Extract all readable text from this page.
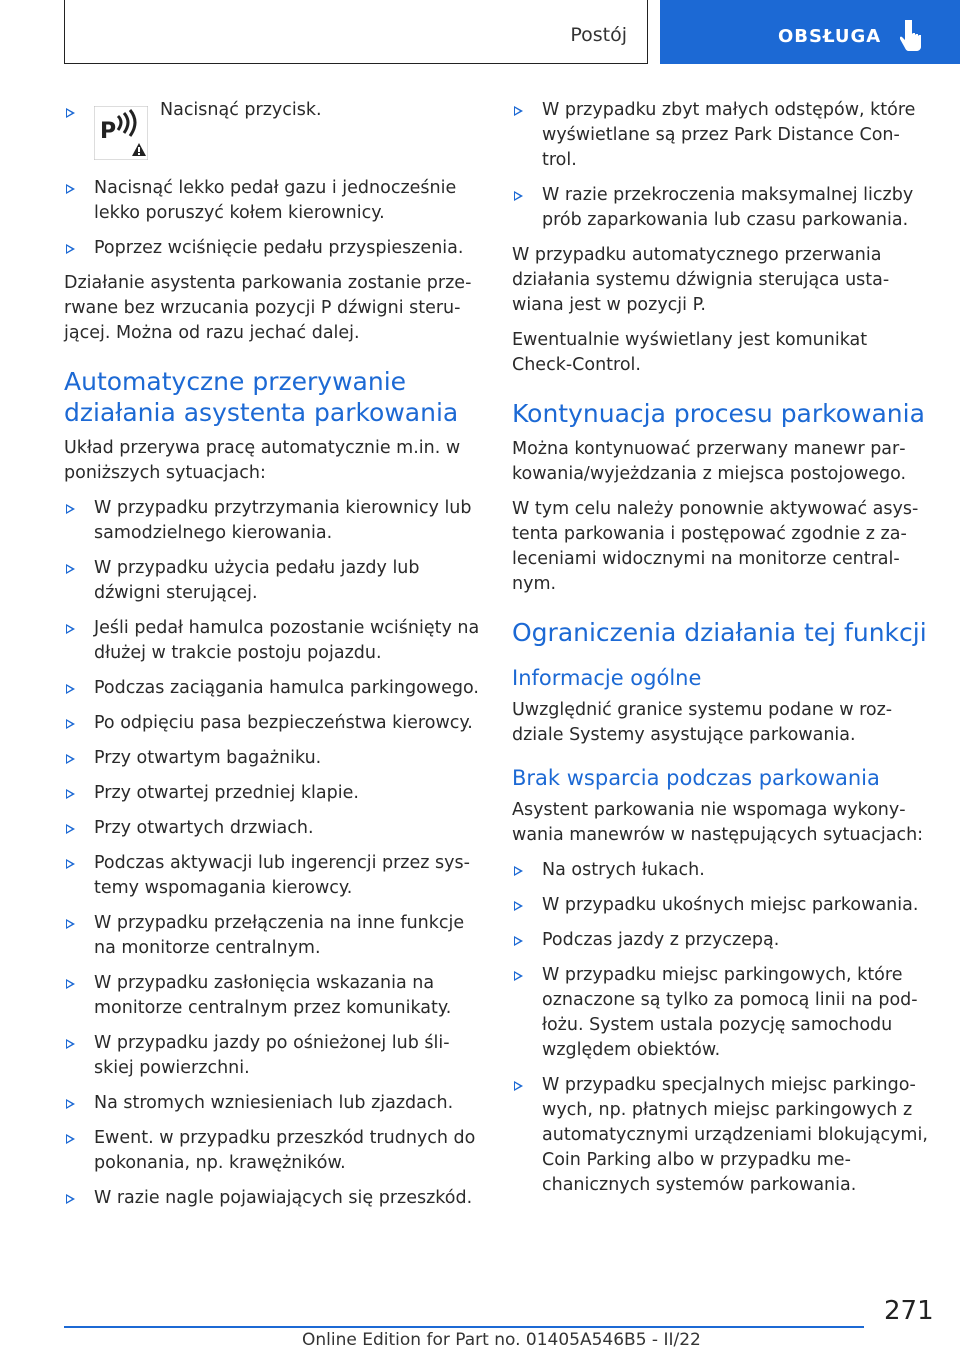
Postój	OBSŁUGA
P
Nacisnąć przycisk.
Nacisnąć lekko pedał gazu i jednocześnie lekko poruszyć kołem kierownicy.
Poprzez wciśnięcie pedału przyspieszenia.

Działanie asystenta parkowania zostanie przerwane bez wrzucania pozycji P dźwigni sterującej. Można od razu jechać dalej.

Automatyczne przerywanie działania asystenta parkowania

Układ przerywa pracę automatycznie m.in. w poniższych sytuacjach:

W przypadku przytrzymania kierownicy lub samodzielnego kierowania.
W przypadku użycia pedału jazdy lub dźwigni sterującej.
Jeśli pedał hamulca pozostanie wciśnięty na dłużej w trakcie postoju pojazdu.
Podczas zaciągania hamulca parkingowego.
Po odpięciu pasa bezpieczeństwa kierowcy.
Przy otwartym bagażniku.
Przy otwartej przedniej klapie.
Przy otwartych drzwiach.
Podczas aktywacji lub ingerencji przez systemy wspomagania kierowcy.
W przypadku przełączenia na inne funkcje na monitorze centralnym.
W przypadku zasłonięcia wskazania na monitorze centralnym przez komunikaty.
W przypadku jazdy po ośnieżonej lub śliskiej powierzchni.
Na stromych wzniesieniach lub zjazdach.
Ewent. w przypadku przeszkód trudnych do pokonania, np. krawężników.
W razie nagle pojawiających się przeszkód.
W przypadku zbyt małych odstępów, które wyświetlane są przez Park Distance Control.
W razie przekroczenia maksymalnej liczby prób zaparkowania lub czasu parkowania.

W przypadku automatycznego przerwania działania systemu dźwignia sterująca ustawiana jest w pozycji P.

Ewentualnie wyświetlany jest komunikat Check-Control.

Kontynuacja procesu parkowania

Można kontynuować przerwany manewr parkowania/wyjeżdzania z miejsca postojowego.

W tym celu należy ponownie aktywować asystenta parkowania i postępować zgodnie z zaleceniami widocznymi na monitorze centralnym.

Ograniczenia działania tej funkcji
Informacje ogólne

Uwzględnić granice systemu podane w rozdziale Systemy asystujące parkowania.

Brak wsparcia podczas parkowania

Asystent parkowania nie wspomaga wykonywania manewrów w następujących sytuacjach:

Na ostrych łukach.
W przypadku ukośnych miejsc parkowania.
Podczas jazdy z przyczepą.
W przypadku miejsc parkingowych, które oznaczone są tylko za pomocą linii na podłożu. System ustala pozycję samochodu względem obiektów.
W przypadku specjalnych miejsc parkingowych, np. płatnych miejsc parkingowych z automatycznymi urządzeniami blokującymi, Coin Parking albo w przypadku mechanicznych systemów parkowania.
271
Online Edition for Part no. 01405A546B5 - II/22
